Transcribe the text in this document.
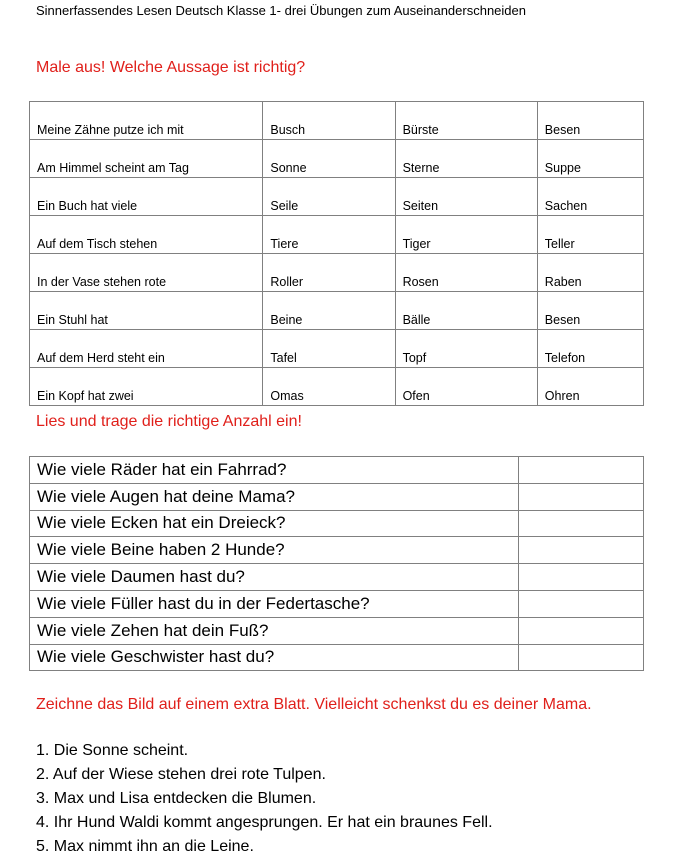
Sinnerfassendes Lesen Deutsch Klasse 1- drei Übungen zum Auseinanderschneiden
Male aus! Welche Aussage ist richtig?
Meine Zähne putze ich mit	Busch	Bürste	Besen
Am Himmel scheint am Tag	Sonne	Sterne	Suppe
Ein Buch hat viele	Seile	Seiten	Sachen
Auf dem Tisch stehen	Tiere	Tiger	Teller
In der Vase stehen rote	Roller	Rosen	Raben
Ein Stuhl hat	Beine	Bälle	Besen
Auf dem Herd steht ein	Tafel	Topf	Telefon
Ein Kopf hat zwei	Omas	Ofen	Ohren
Lies und trage die richtige Anzahl ein!
Wie viele Räder hat ein Fahrrad?	
Wie viele Augen hat deine Mama?	
Wie viele Ecken hat ein Dreieck?	
Wie viele Beine haben 2 Hunde?	
Wie viele Daumen hast du?	
Wie viele Füller hast du in der Federtasche?	
Wie viele Zehen hat dein Fuß?	
Wie viele Geschwister hast du?	
Zeichne das Bild auf einem extra Blatt. Vielleicht schenkst du es deiner Mama.
1. Die Sonne scheint.
2. Auf der Wiese stehen drei rote Tulpen.
3. Max und Lisa entdecken die Blumen.
4. Ihr Hund Waldi kommt angesprungen. Er hat ein braunes Fell.
5. Max nimmt ihn an die Leine.
